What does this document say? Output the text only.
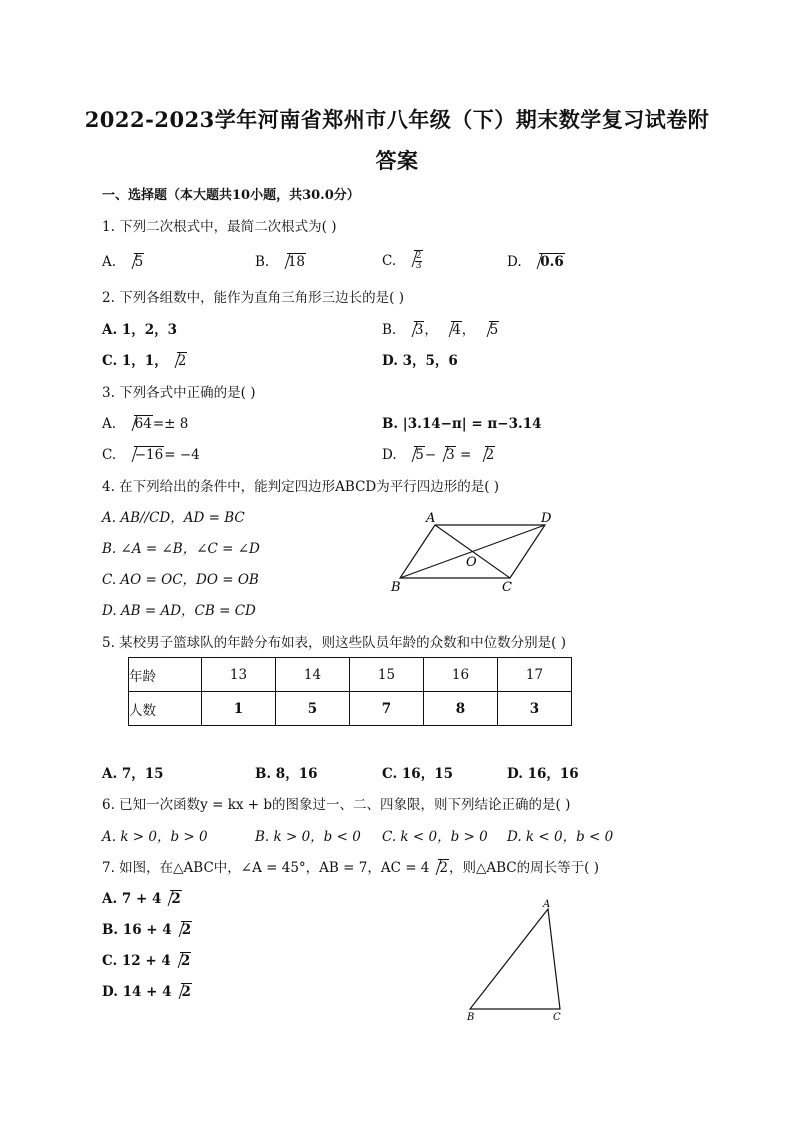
2022-2023学年河南省郑州市八年级（下）期末数学复习试卷附
答案
一、选择题（本大题共10小题，共30.0分）
1. 下列二次根式中，最简二次根式为( )
A. 5	B. 18	C. $\frac{2}{3}$	D. 0.6
2. 下列各组数中，能作为直角三角形三边长的是( )
A. 1，2，3	B. 3， 4， 5
C. 1，1， 2	D. 3，5，6
3. 下列各式中正确的是( )
A. 64=± 8	B. |3.14−π| = π−3.14
C. −16= −4	D. 5− 3 = 2
4. 在下列给出的条件中，能判定四边形ABCD为平行四边形的是( )
A. AB//CD，AD = BC
B. ∠A = ∠B，∠C = ∠D
C. AO = OC，DO = OB
D. AB = AD，CB = CD
A	D
B	C
O
5. 某校男子篮球队的年龄分布如表，则这些队员年龄的众数和中位数分别是( )
年龄	13	14	15	16	17
人数	1	5	7	8	3
A. 7，15	B. 8，16	C. 16，15	D. 16，16
6. 已知一次函数y = kx + b的图象过一、二、四象限，则下列结论正确的是( )
A. k > 0，b > 0	B. k > 0，b < 0 C. k < 0，b > 0 D. k < 0，b < 0
7. 如图，在△ABC中，∠A = 45°，AB = 7，AC = 4 2，则△ABC的周长等于( )
A. 7 + 4 2
B. 16 + 4 2
C. 12 + 4 2
D. 14 + 4 2
A
B	C
